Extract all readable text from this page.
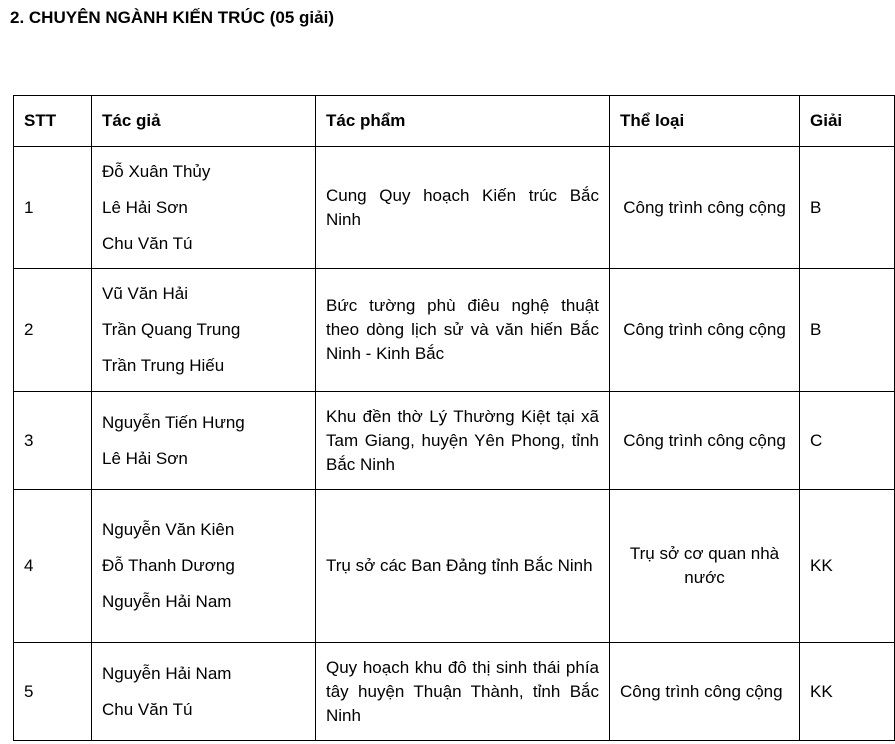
2. CHUYÊN NGÀNH KIẾN TRÚC (05 giải)
STT	Tác giả	Tác phẩm	Thể loại	Giải
1	Đỗ Xuân Thủy
Lê Hải Sơn
Chu Văn Tú	Cung Quy hoạch Kiến trúc Bắc Ninh	Công trình công cộng	B
2	Vũ Văn Hải
Trần Quang Trung
Trần Trung Hiếu	Bức tường phù điêu nghệ thuật theo dòng lịch sử và văn hiến Bắc Ninh - Kinh Bắc	Công trình công cộng	B
3	Nguyễn Tiến Hưng
Lê Hải Sơn	Khu đền thờ Lý Thường Kiệt tại xã Tam Giang, huyện Yên Phong, tỉnh Bắc Ninh	Công trình công cộng	C
4	Nguyễn Văn Kiên
Đỗ Thanh Dương
Nguyễn Hải Nam	Trụ sở các Ban Đảng tỉnh Bắc Ninh	Trụ sở cơ quan nhà nước	KK
5	Nguyễn Hải Nam
Chu Văn Tú	Quy hoạch khu đô thị sinh thái phía tây huyện Thuận Thành, tỉnh Bắc Ninh	Công trình công cộng	KK
